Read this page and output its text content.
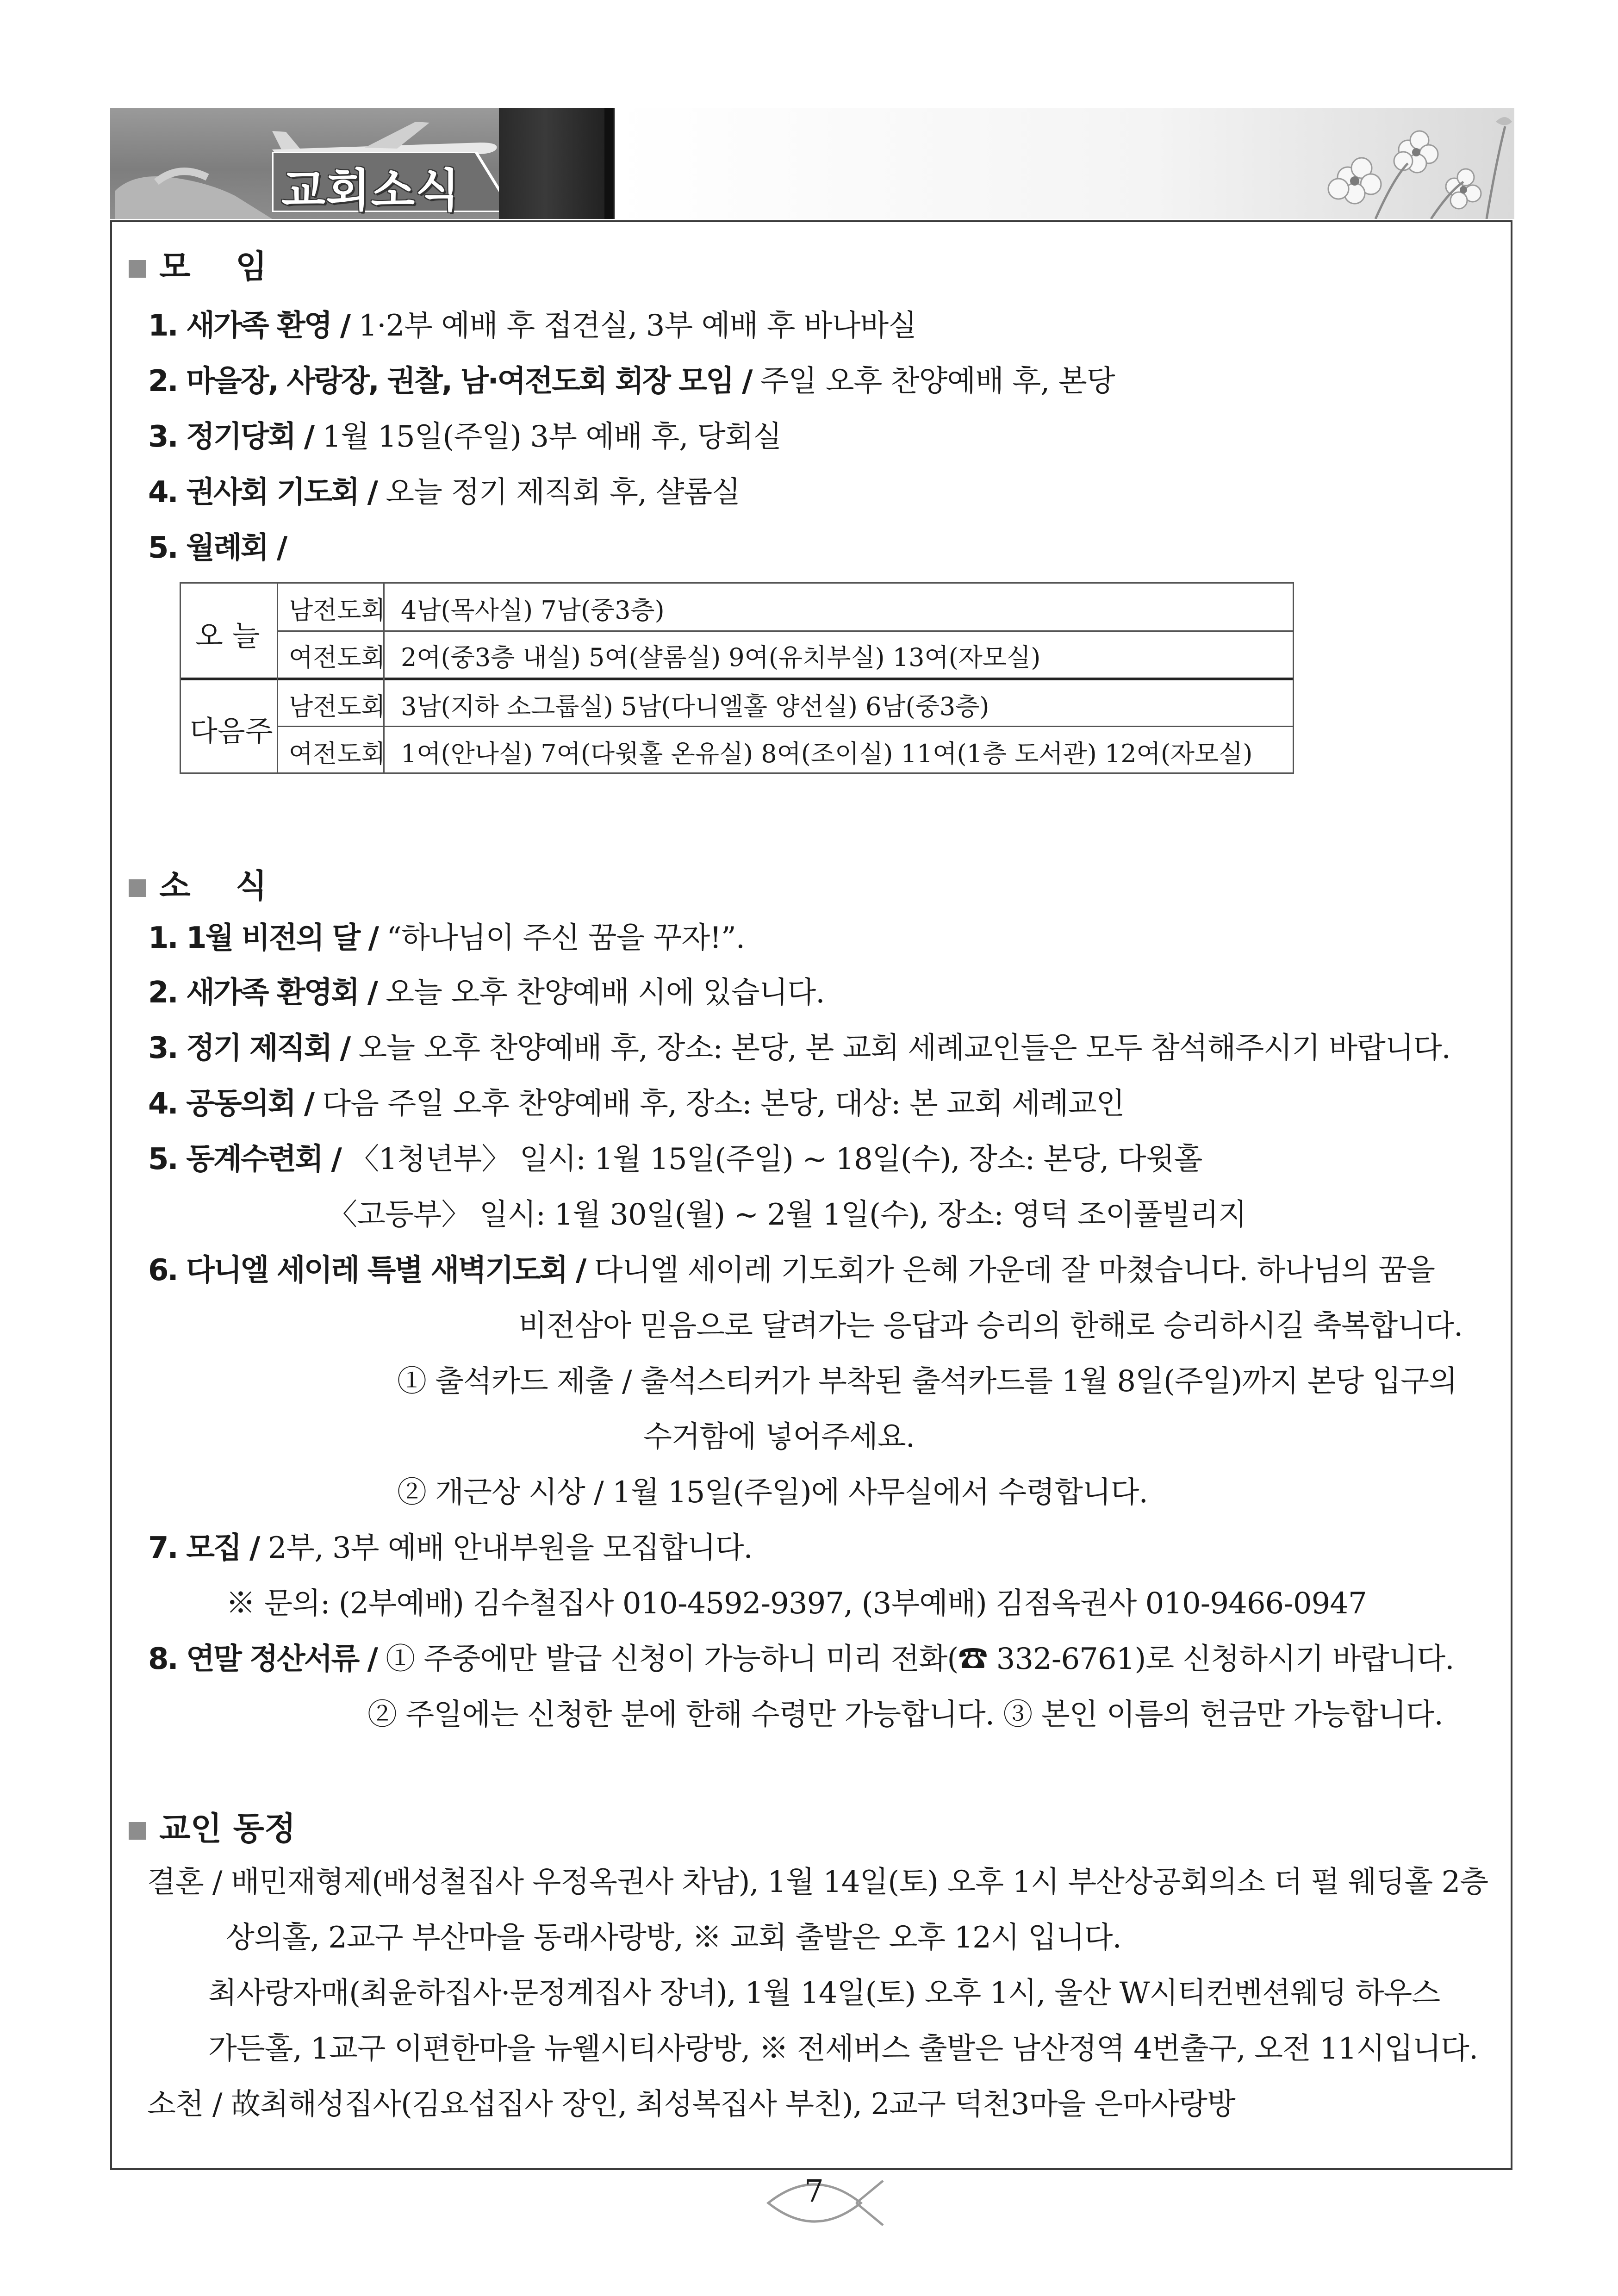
교회소식
모    임
1. 새가족 환영 / 1·2부 예배 후 접견실, 3부 예배 후 바나바실
2. 마을장, 사랑장, 권찰, 남·여전도회 회장 모임 / 주일 오후 찬양예배 후, 본당
3. 정기당회 / 1월 15일(주일) 3부 예배 후, 당회실
4. 권사회 기도회 / 오늘 정기 제직회 후, 샬롬실
5. 월례회 /
오 늘
다음주
남전도회 4남(목사실) 7남(중3층)
여전도회 2여(중3층 내실) 5여(샬롬실) 9여(유치부실) 13여(자모실)
남전도회 3남(지하 소그룹실) 5남(다니엘홀 양선실) 6남(중3층)
여전도회 1여(안나실) 7여(다윗홀 온유실) 8여(조이실) 11여(1층 도서관) 12여(자모실)
소    식
1. 1월 비전의 달 / “하나님이 주신 꿈을 꾸자!”.
2. 새가족 환영회 / 오늘 오후 찬양예배 시에 있습니다.
3. 정기 제직회 / 오늘 오후 찬양예배 후, 장소: 본당, 본 교회 세례교인들은 모두 참석해주시기 바랍니다.
4. 공동의회 / 다음 주일 오후 찬양예배 후, 장소: 본당, 대상: 본 교회 세례교인
5. 동계수련회 / 〈1청년부〉 일시: 1월 15일(주일) ~ 18일(수), 장소: 본당, 다윗홀
〈고등부〉 일시: 1월 30일(월) ~ 2월 1일(수), 장소: 영덕 조이풀빌리지
6. 다니엘 세이레 특별 새벽기도회 / 다니엘 세이레 기도회가 은혜 가운데 잘 마쳤습니다. 하나님의 꿈을
비전삼아 믿음으로 달려가는 응답과 승리의 한해로 승리하시길 축복합니다.
① 출석카드 제출 / 출석스티커가 부착된 출석카드를 1월 8일(주일)까지 본당 입구의
수거함에 넣어주세요.
② 개근상 시상 / 1월 15일(주일)에 사무실에서 수령합니다.
7. 모집 / 2부, 3부 예배 안내부원을 모집합니다.
※ 문의: (2부예배) 김수철집사 010-4592-9397, (3부예배) 김점옥권사 010-9466-0947
8. 연말 정산서류 / ① 주중에만 발급 신청이 가능하니 미리 전화(☎ 332-6761)로 신청하시기 바랍니다.
② 주일에는 신청한 분에 한해 수령만 가능합니다. ③ 본인 이름의 헌금만 가능합니다.
교인 동정
결혼 / 배민재형제(배성철집사 우정옥권사 차남), 1월 14일(토) 오후 1시 부산상공회의소 더 펄 웨딩홀 2층
상의홀, 2교구 부산마을 동래사랑방, ※ 교회 출발은 오후 12시 입니다.
최사랑자매(최윤하집사·문정계집사 장녀), 1월 14일(토) 오후 1시, 울산 W시티컨벤션웨딩 하우스
가든홀, 1교구 이편한마을 뉴웰시티사랑방, ※ 전세버스 출발은 남산정역 4번출구, 오전 11시입니다.
소천 / 故최해성집사(김요섭집사 장인, 최성복집사 부친), 2교구 덕천3마을 은마사랑방
7
